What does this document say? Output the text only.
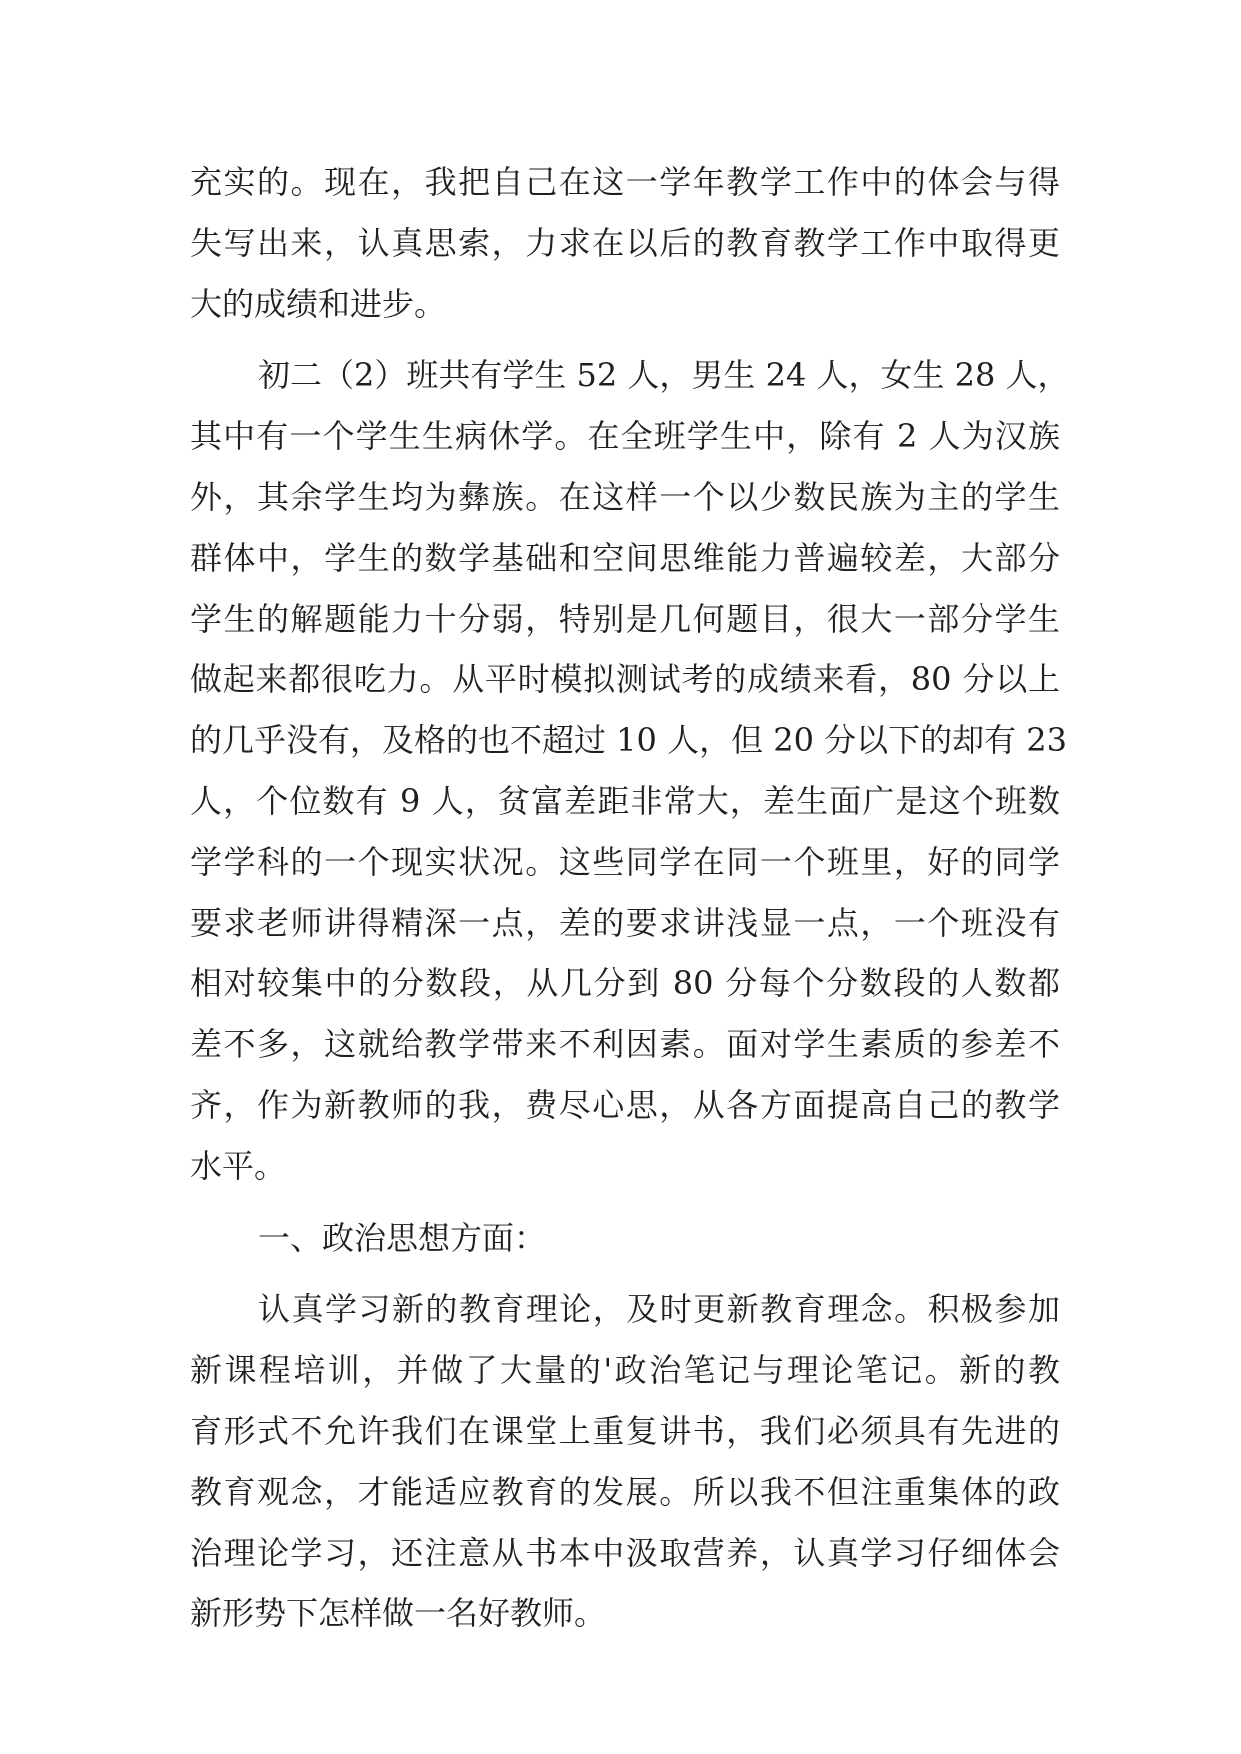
充实的。现在，我把自己在这一学年教学工作中的体会与得
失写出来，认真思索，力求在以后的教育教学工作中取得更
大的成绩和进步。
初二（2）班共有学生 52 人，男生 24 人，女生 28 人，
其中有一个学生生病休学。在全班学生中，除有 2 人为汉族
外，其余学生均为彝族。在这样一个以少数民族为主的学生
群体中，学生的数学基础和空间思维能力普遍较差，大部分
学生的解题能力十分弱，特别是几何题目，很大一部分学生
做起来都很吃力。从平时模拟测试考的成绩来看，80 分以上
的几乎没有，及格的也不超过 10 人，但 20 分以下的却有 23
人，个位数有 9 人，贫富差距非常大，差生面广是这个班数
学学科的一个现实状况。这些同学在同一个班里，好的同学
要求老师讲得精深一点，差的要求讲浅显一点，一个班没有
相对较集中的分数段，从几分到 80 分每个分数段的人数都
差不多，这就给教学带来不利因素。面对学生素质的参差不
齐，作为新教师的我，费尽心思，从各方面提高自己的教学
水平。
一、政治思想方面：
认真学习新的教育理论，及时更新教育理念。积极参加
新课程培训，并做了大量的'政治笔记与理论笔记。新的教
育形式不允许我们在课堂上重复讲书，我们必须具有先进的
教育观念，才能适应教育的发展。所以我不但注重集体的政
治理论学习，还注意从书本中汲取营养，认真学习仔细体会
新形势下怎样做一名好教师。
